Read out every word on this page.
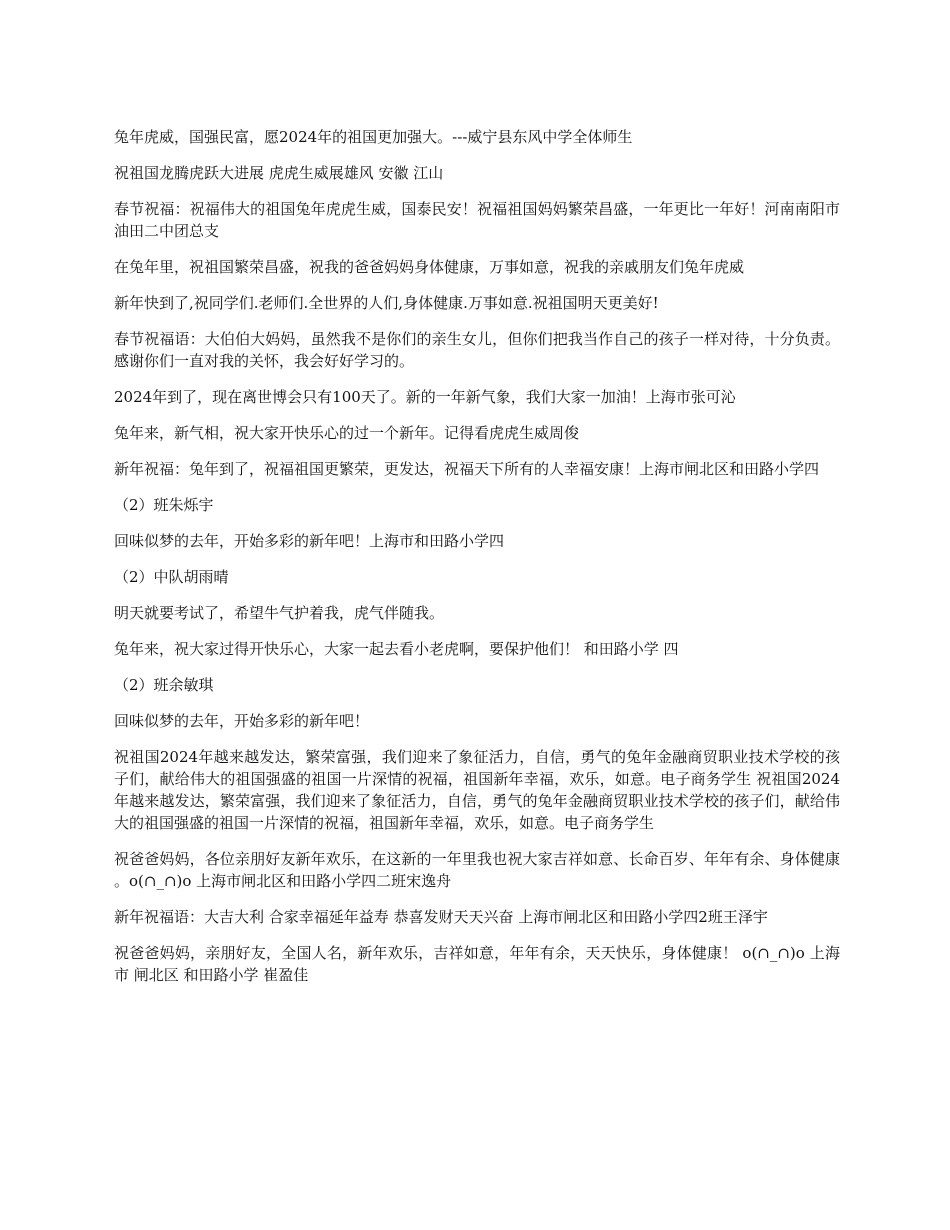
兔年虎威，国强民富，愿2024年的祖国更加强大。---威宁县东风中学全体师生

祝祖国龙腾虎跃大进展 虎虎生威展雄风 安徽 江山

春节祝福：祝福伟大的祖国兔年虎虎生威，国泰民安！祝福祖国妈妈繁荣昌盛，一年更比一年好！河南南阳市油田二中团总支

在兔年里，祝祖国繁荣昌盛，祝我的爸爸妈妈身体健康，万事如意，祝我的亲戚朋友们兔年虎威

新年快到了,祝同学们.老师们.全世界的人们,身体健康.万事如意.祝祖国明天更美好!

春节祝福语：大伯伯大妈妈，虽然我不是你们的亲生女儿，但你们把我当作自己的孩子一样对待，十分负责。感谢你们一直对我的关怀，我会好好学习的。

2024年到了，现在离世博会只有100天了。新的一年新气象，我们大家一加油！上海市张可沁

兔年来，新气相，祝大家开快乐心的过一个新年。记得看虎虎生威周俊

新年祝福：兔年到了，祝福祖国更繁荣，更发达，祝福天下所有的人幸福安康！上海市闸北区和田路小学四

（2）班朱烁宇

回味似梦的去年，开始多彩的新年吧！上海市和田路小学四

（2）中队胡雨晴

明天就要考试了，希望牛气护着我，虎气伴随我。

兔年来，祝大家过得开快乐心，大家一起去看小老虎啊，要保护他们！ 和田路小学 四

（2）班余敏琪

回味似梦的去年，开始多彩的新年吧！

祝祖国2024年越来越发达，繁荣富强，我们迎来了象征活力，自信，勇气的兔年金融商贸职业技术学校的孩子们，献给伟大的祖国强盛的祖国一片深情的祝福，祖国新年幸福，欢乐，如意。电子商务学生 祝祖国2024年越来越发达，繁荣富强，我们迎来了象征活力，自信，勇气的兔年金融商贸职业技术学校的孩子们，献给伟大的祖国强盛的祖国一片深情的祝福，祖国新年幸福，欢乐，如意。电子商务学生

祝爸爸妈妈，各位亲朋好友新年欢乐，在这新的一年里我也祝大家吉祥如意、长命百岁、年年有余、身体健康。o(∩_∩)o 上海市闸北区和田路小学四二班宋逸舟

新年祝福语：大吉大利 合家幸福延年益寿 恭喜发财天天兴奋 上海市闸北区和田路小学四2班王泽宇

祝爸爸妈妈，亲朋好友，全国人名，新年欢乐，吉祥如意，年年有余，天天快乐，身体健康！ o(∩_∩)o 上海市 闸北区 和田路小学 崔盈佳
